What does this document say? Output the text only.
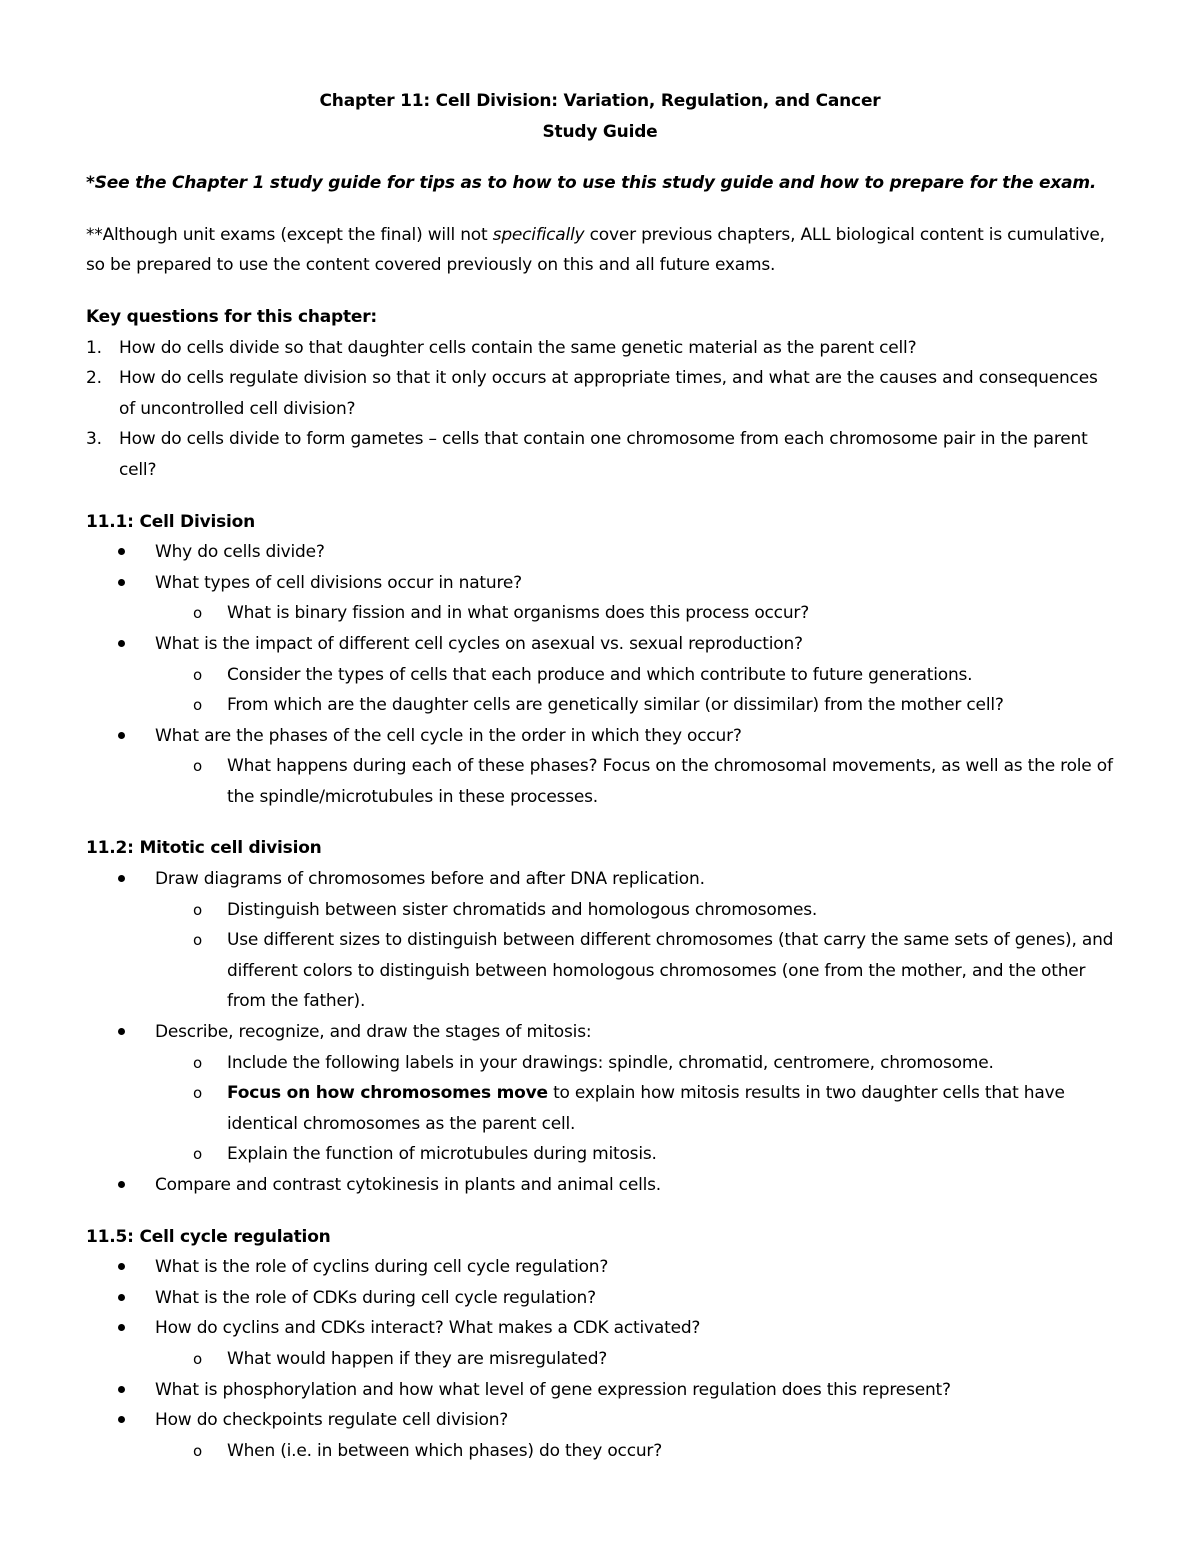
Chapter 11: Cell Division: Variation, Regulation, and Cancer

Study Guide

*See the Chapter 1 study guide for tips as to how to use this study guide and how to prepare for the exam.

**Although unit exams (except the final) will not specifically cover previous chapters, ALL biological content is cumulative, so be prepared to use the content covered previously on this and all future exams.

Key questions for this chapter:

1. How do cells divide so that daughter cells contain the same genetic material as the parent cell?
2. How do cells regulate division so that it only occurs at appropriate times, and what are the causes and consequences of uncontrolled cell division?
3. How do cells divide to form gametes – cells that contain one chromosome from each chromosome pair in the parent cell?
11.1: Cell Division
Why do cells divide?
What types of cell divisions occur in nature?
o What is binary fission and in what organisms does this process occur?
What is the impact of different cell cycles on asexual vs. sexual reproduction?
o Consider the types of cells that each produce and which contribute to future generations.
o From which are the daughter cells are genetically similar (or dissimilar) from the mother cell?
What are the phases of the cell cycle in the order in which they occur?
o What happens during each of these phases? Focus on the chromosomal movements, as well as the role of the spindle/microtubules in these processes.
11.2: Mitotic cell division
Draw diagrams of chromosomes before and after DNA replication.
o Distinguish between sister chromatids and homologous chromosomes.
o Use different sizes to distinguish between different chromosomes (that carry the same sets of genes), and different colors to distinguish between homologous chromosomes (one from the mother, and the other from the father).
Describe, recognize, and draw the stages of mitosis:
o Include the following labels in your drawings: spindle, chromatid, centromere, chromosome.
o Focus on how chromosomes move to explain how mitosis results in two daughter cells that have identical chromosomes as the parent cell.
o Explain the function of microtubules during mitosis.
Compare and contrast cytokinesis in plants and animal cells.
11.5: Cell cycle regulation
What is the role of cyclins during cell cycle regulation?
What is the role of CDKs during cell cycle regulation?
How do cyclins and CDKs interact? What makes a CDK activated?
o What would happen if they are misregulated?
What is phosphorylation and how what level of gene expression regulation does this represent?
How do checkpoints regulate cell division?
o When (i.e. in between which phases) do they occur?
